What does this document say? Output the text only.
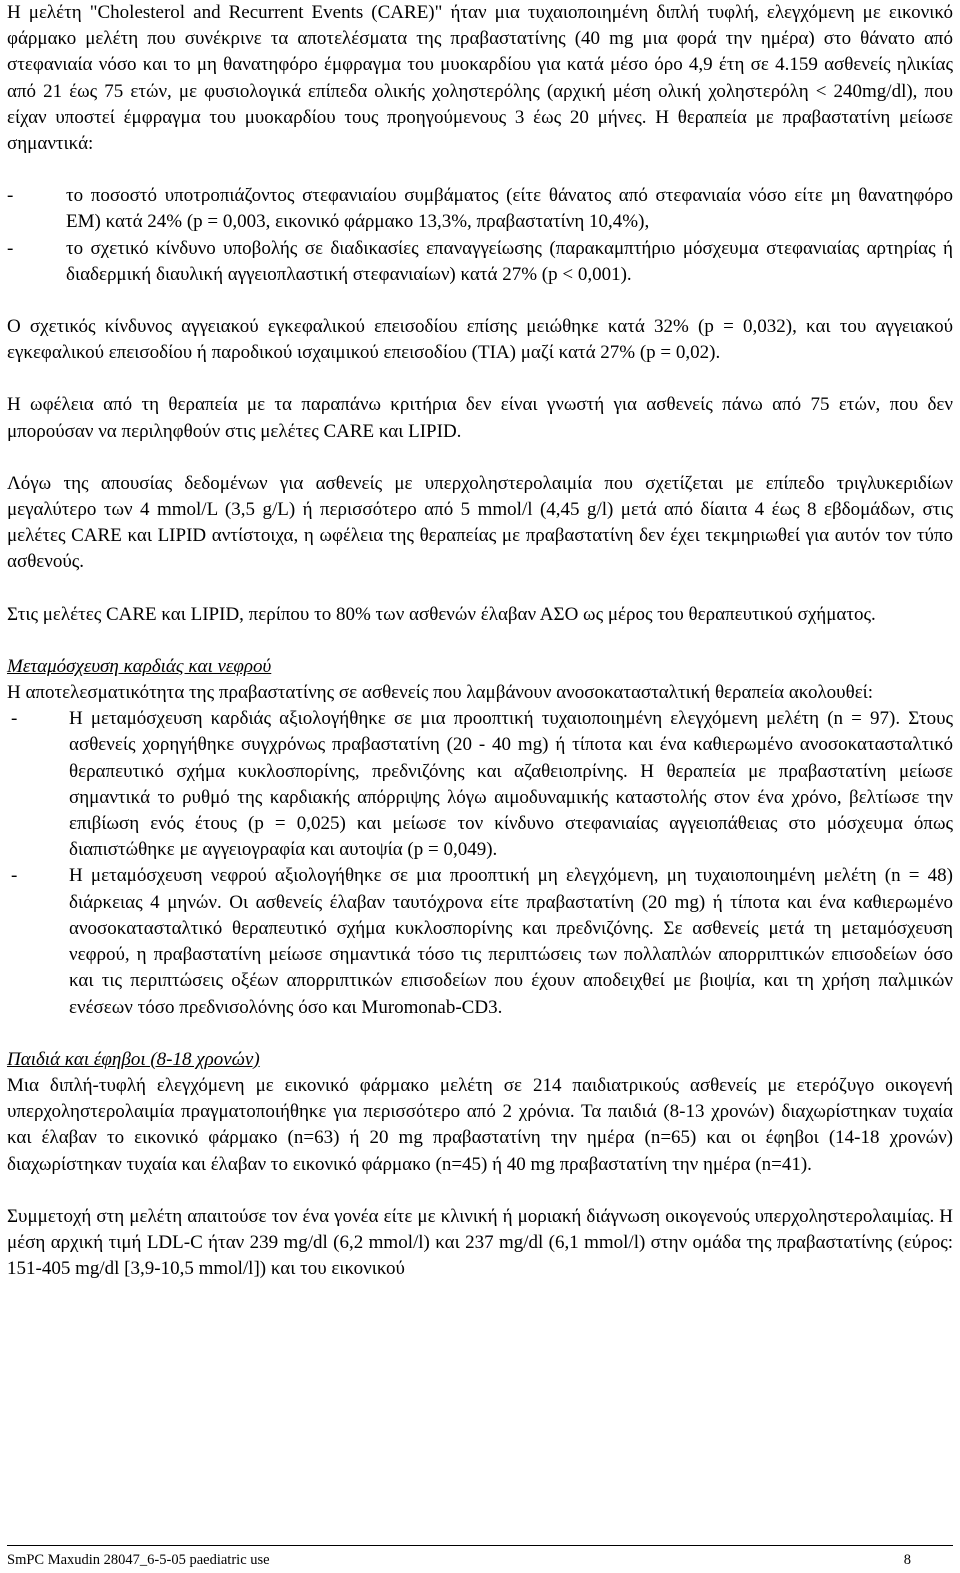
Η μελέτη "Cholesterol and Recurrent Events (CARE)" ήταν μια τυχαιοποιημένη διπλή τυφλή, ελεγχόμενη με εικονικό φάρμακο μελέτη που συνέκρινε τα αποτελέσματα της πραβαστατίνης (40 mg μια φορά την ημέρα) στο θάνατο από στεφανιαία νόσο και το μη θανατηφόρο έμφραγμα του μυοκαρδίου για κατά μέσο όρο 4,9 έτη σε 4.159 ασθενείς ηλικίας από 21 έως 75 ετών, με φυσιολογικά επίπεδα ολικής χοληστερόλης (αρχική μέση ολική χοληστερόλη < 240mg/dl), που είχαν υποστεί έμφραγμα του μυοκαρδίου τους προηγούμενους 3 έως 20 μήνες. Η θεραπεία με πραβαστατίνη μείωσε σημαντικά:

-	το ποσοστό υποτροπιάζοντος στεφανιαίου συμβάματος (είτε θάνατος από στεφανιαία νόσο είτε μη θανατηφόρο ΕΜ) κατά 24% (p = 0,003, εικονικό φάρμακο 13,3%, πραβαστατίνη 10,4%),
-	το σχετικό κίνδυνο υποβολής σε διαδικασίες επαναγγείωσης (παρακαμπτήριο μόσχευμα στεφανιαίας αρτηρίας ή διαδερμική διαυλική αγγειοπλαστική στεφανιαίων) κατά 27% (p < 0,001).

Ο σχετικός κίνδυνος αγγειακού εγκεφαλικού επεισοδίου επίσης μειώθηκε κατά 32% (p = 0,032), και του αγγειακού εγκεφαλικού επεισοδίου ή παροδικού ισχαιμικού επεισοδίου (TIA) μαζί κατά 27% (p = 0,02).

Η ωφέλεια από τη θεραπεία με τα παραπάνω κριτήρια δεν είναι γνωστή για ασθενείς πάνω από 75 ετών, που δεν μπορούσαν να περιληφθούν στις μελέτες CARE και LIPID.

Λόγω της απουσίας δεδομένων για ασθενείς με υπερχοληστερολαιμία που σχετίζεται με επίπεδο τριγλυκεριδίων μεγαλύτερο των 4 mmol/L (3,5 g/L) ή περισσότερο από 5 mmol/l (4,45 g/l) μετά από δίαιτα 4 έως 8 εβδομάδων, στις μελέτες CARE και LIPID αντίστοιχα, η ωφέλεια της θεραπείας με πραβαστατίνη δεν έχει τεκμηριωθεί για αυτόν τον τύπο ασθενούς.

Στις μελέτες CARE και LIPID, περίπου το 80% των ασθενών έλαβαν ΑΣΟ ως μέρος του θεραπευτικού σχήματος.

Μεταμόσχευση καρδιάς και νεφρού

Η αποτελεσματικότητα της πραβαστατίνης σε ασθενείς που λαμβάνουν ανοσοκατασταλτική θεραπεία ακολουθεί:

-	Η μεταμόσχευση καρδιάς αξιολογήθηκε σε μια προοπτική τυχαιοποιημένη ελεγχόμενη μελέτη (n = 97). Στους ασθενείς χορηγήθηκε συγχρόνως πραβαστατίνη (20 - 40 mg) ή τίποτα και ένα καθιερωμένο ανοσοκατασταλτικό θεραπευτικό σχήμα κυκλοσπορίνης, πρεδνιζόνης και αζαθειοπρίνης. Η θεραπεία με πραβαστατίνη μείωσε σημαντικά το ρυθμό της καρδιακής απόρριψης λόγω αιμοδυναμικής καταστολής στον ένα χρόνο, βελτίωσε την επιβίωση ενός έτους (p = 0,025) και μείωσε τον κίνδυνο στεφανιαίας αγγειοπάθειας στο μόσχευμα όπως διαπιστώθηκε με αγγειογραφία και αυτοψία (p = 0,049).
-	Η μεταμόσχευση νεφρού αξιολογήθηκε σε μια προοπτική μη ελεγχόμενη, μη τυχαιοποιημένη μελέτη (n = 48) διάρκειας 4 μηνών. Οι ασθενείς έλαβαν ταυτόχρονα είτε πραβαστατίνη (20 mg) ή τίποτα και ένα καθιερωμένο ανοσοκατασταλτικό θεραπευτικό σχήμα κυκλοσπορίνης και πρεδνιζόνης. Σε ασθενείς μετά τη μεταμόσχευση νεφρού, η πραβαστατίνη μείωσε σημαντικά τόσο τις περιπτώσεις των πολλαπλών απορριπτικών επισοδείων όσο και τις περιπτώσεις οξέων απορριπτικών επισοδείων που έχουν αποδειχθεί με βιοψία, και τη χρήση παλμικών ενέσεων τόσο πρεδνισολόνης όσο και Muromonab-CD3.

Παιδιά και έφηβοι (8-18 χρονών)

Μια διπλή-τυφλή ελεγχόμενη με εικονικό φάρμακο μελέτη σε 214 παιδιατρικούς ασθενείς με ετερόζυγο οικογενή υπερχοληστερολαιμία πραγματοποιήθηκε για περισσότερο από 2 χρόνια. Τα παιδιά (8-13 χρονών) διαχωρίστηκαν τυχαία και έλαβαν το εικονικό φάρμακο (n=63) ή 20 mg πραβαστατίνη την ημέρα (n=65) και οι έφηβοι (14-18 χρονών) διαχωρίστηκαν τυχαία και έλαβαν το εικονικό φάρμακο (n=45) ή 40 mg πραβαστατίνη την ημέρα (n=41).

Συμμετοχή στη μελέτη απαιτούσε τον ένα γονέα είτε με κλινική ή μοριακή διάγνωση οικογενούς υπερχοληστερολαιμίας. Η μέση αρχική τιμή LDL-C ήταν 239 mg/dl (6,2 mmol/l) και 237 mg/dl (6,1 mmol/l) στην ομάδα της πραβαστατίνης (εύρος: 151-405 mg/dl [3,9-10,5 mmol/l]) και του εικονικού

SmPC Maxudin 28047_6-5-05 paediatric use	8
